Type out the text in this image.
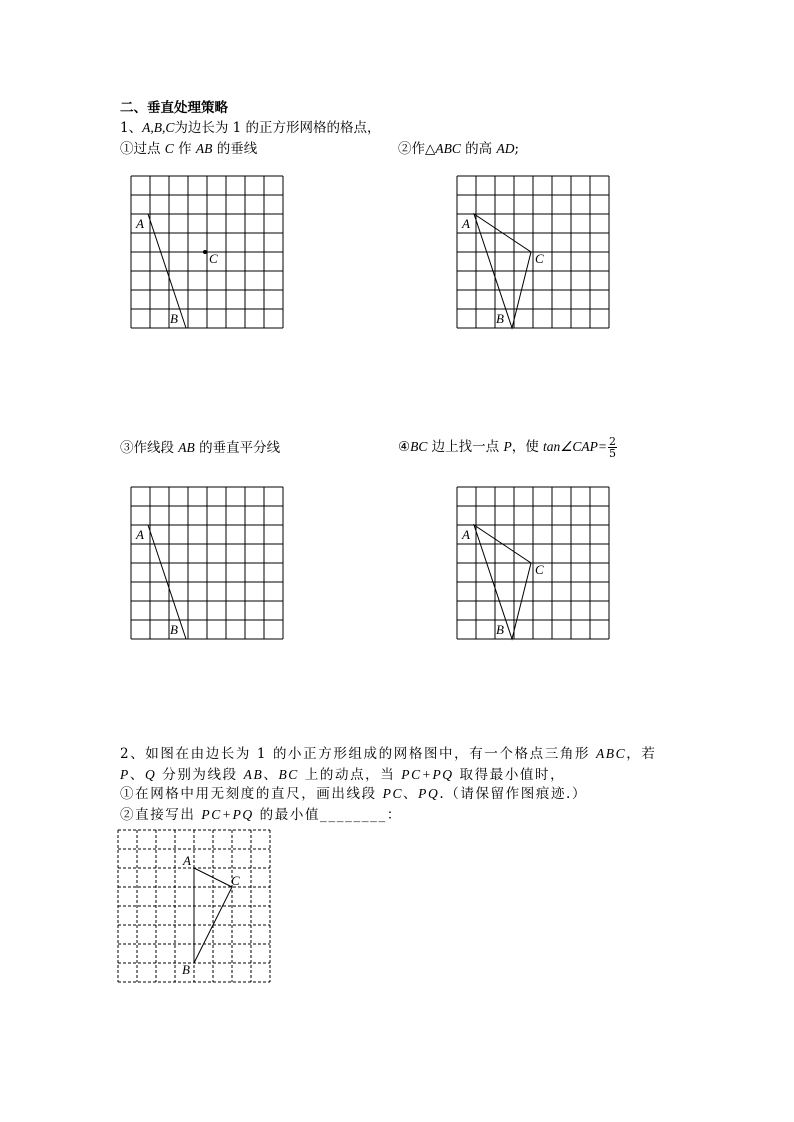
二、垂直处理策略
1、A,B,C为边长为 1 的正方形网格的格点，
①过点 C 作 AB 的垂线	②作△ABC 的高 AD;
③作线段 AB 的垂直平分线	④BC 边上找一点 P，使 tan∠CAP= $\frac{2}{5}$
A
B
C
A
B
C
A
B
A
B
C
2、如图在由边长为 1 的小正方形组成的网格图中，有一个格点三角形 ABC，若
P、Q 分别为线段 AB、BC 上的动点，当 PC+PQ 取得最小值时，
①在网格中用无刻度的直尺，画出线段 PC、PQ.（请保留作图痕迹.）
②直接写出 PC+PQ 的最小值________：
A
B
C
